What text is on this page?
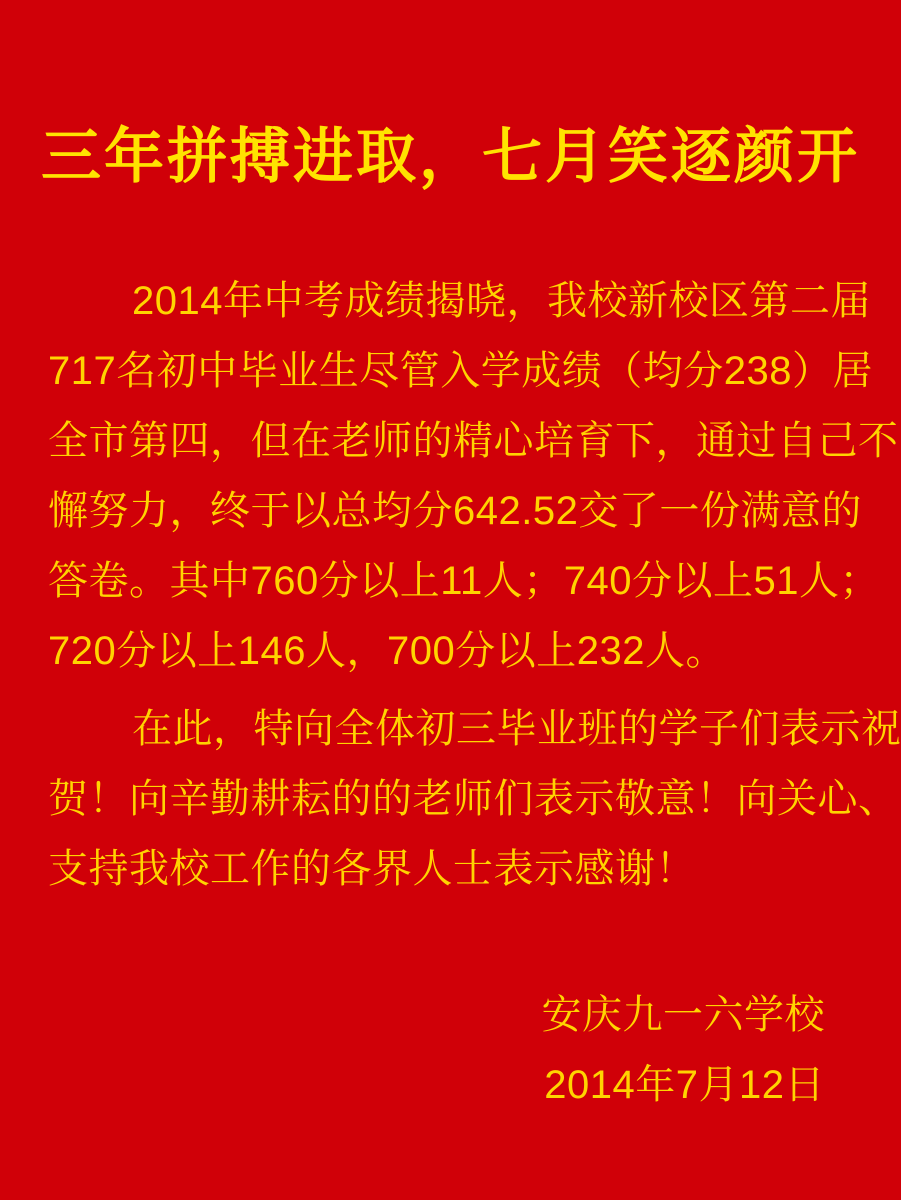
三年拼搏进取，七月笑逐颜开
2014年中考成绩揭晓，我校新校区第二届
717名初中毕业生尽管入学成绩（均分238）居
全市第四，但在老师的精心培育下，通过自己不
懈努力，终于以总均分642.52交了一份满意的
答卷。其中760分以上11人；740分以上51人；
720分以上146人，700分以上232人。
在此，特向全体初三毕业班的学子们表示祝
贺！向辛勤耕耘的的老师们表示敬意！向关心、
支持我校工作的各界人士表示感谢！
安庆九一六学校
2014年7月12日
